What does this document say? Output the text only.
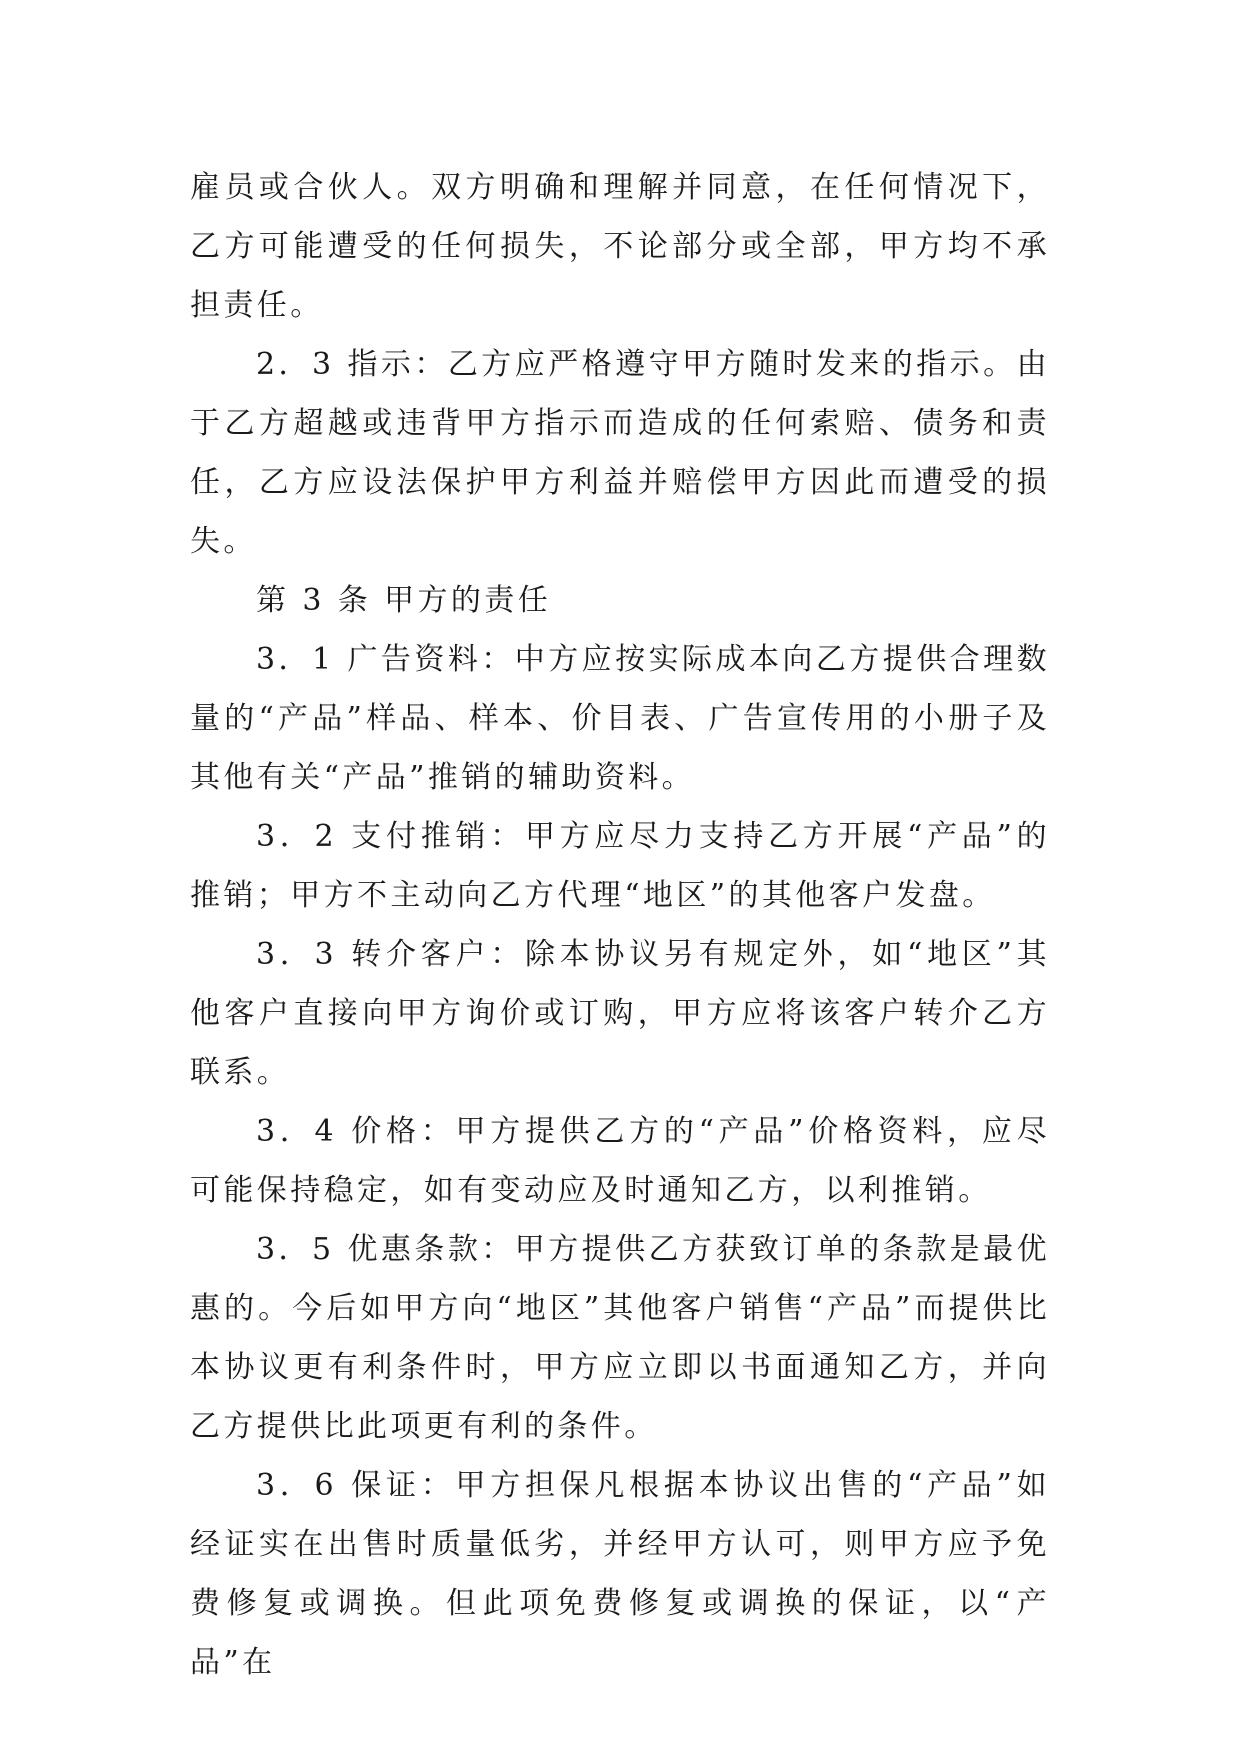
雇员或合伙人。双方明确和理解并同意，在任何情况下，乙方可能遭受的任何损失，不论部分或全部，甲方均不承担责任。

2．3 指示：乙方应严格遵守甲方随时发来的指示。由于乙方超越或违背甲方指示而造成的任何索赔、债务和责任，乙方应设法保护甲方利益并赔偿甲方因此而遭受的损失。

第 3 条 甲方的责任

3．1 广告资料：中方应按实际成本向乙方提供合理数量的“产品”样品、样本、价目表、广告宣传用的小册子及其他有关“产品”推销的辅助资料。

3．2 支付推销：甲方应尽力支持乙方开展“产品”的推销；甲方不主动向乙方代理“地区”的其他客户发盘。

3．3 转介客户：除本协议另有规定外，如“地区”其他客户直接向甲方询价或订购，甲方应将该客户转介乙方联系。

3．4 价格：甲方提供乙方的“产品”价格资料，应尽可能保持稳定，如有变动应及时通知乙方，以利推销。

3．5 优惠条款：甲方提供乙方获致订单的条款是最优惠的。今后如甲方向“地区”其他客户销售“产品”而提供比本协议更有利条件时，甲方应立即以书面通知乙方，并向乙方提供比此项更有利的条件。

3．6 保证：甲方担保凡根据本协议出售的“产品”如经证实在出售时质量低劣，并经甲方认可，则甲方应予免费修复或调换。但此项免费修复或调换的保证，以“产品”在
